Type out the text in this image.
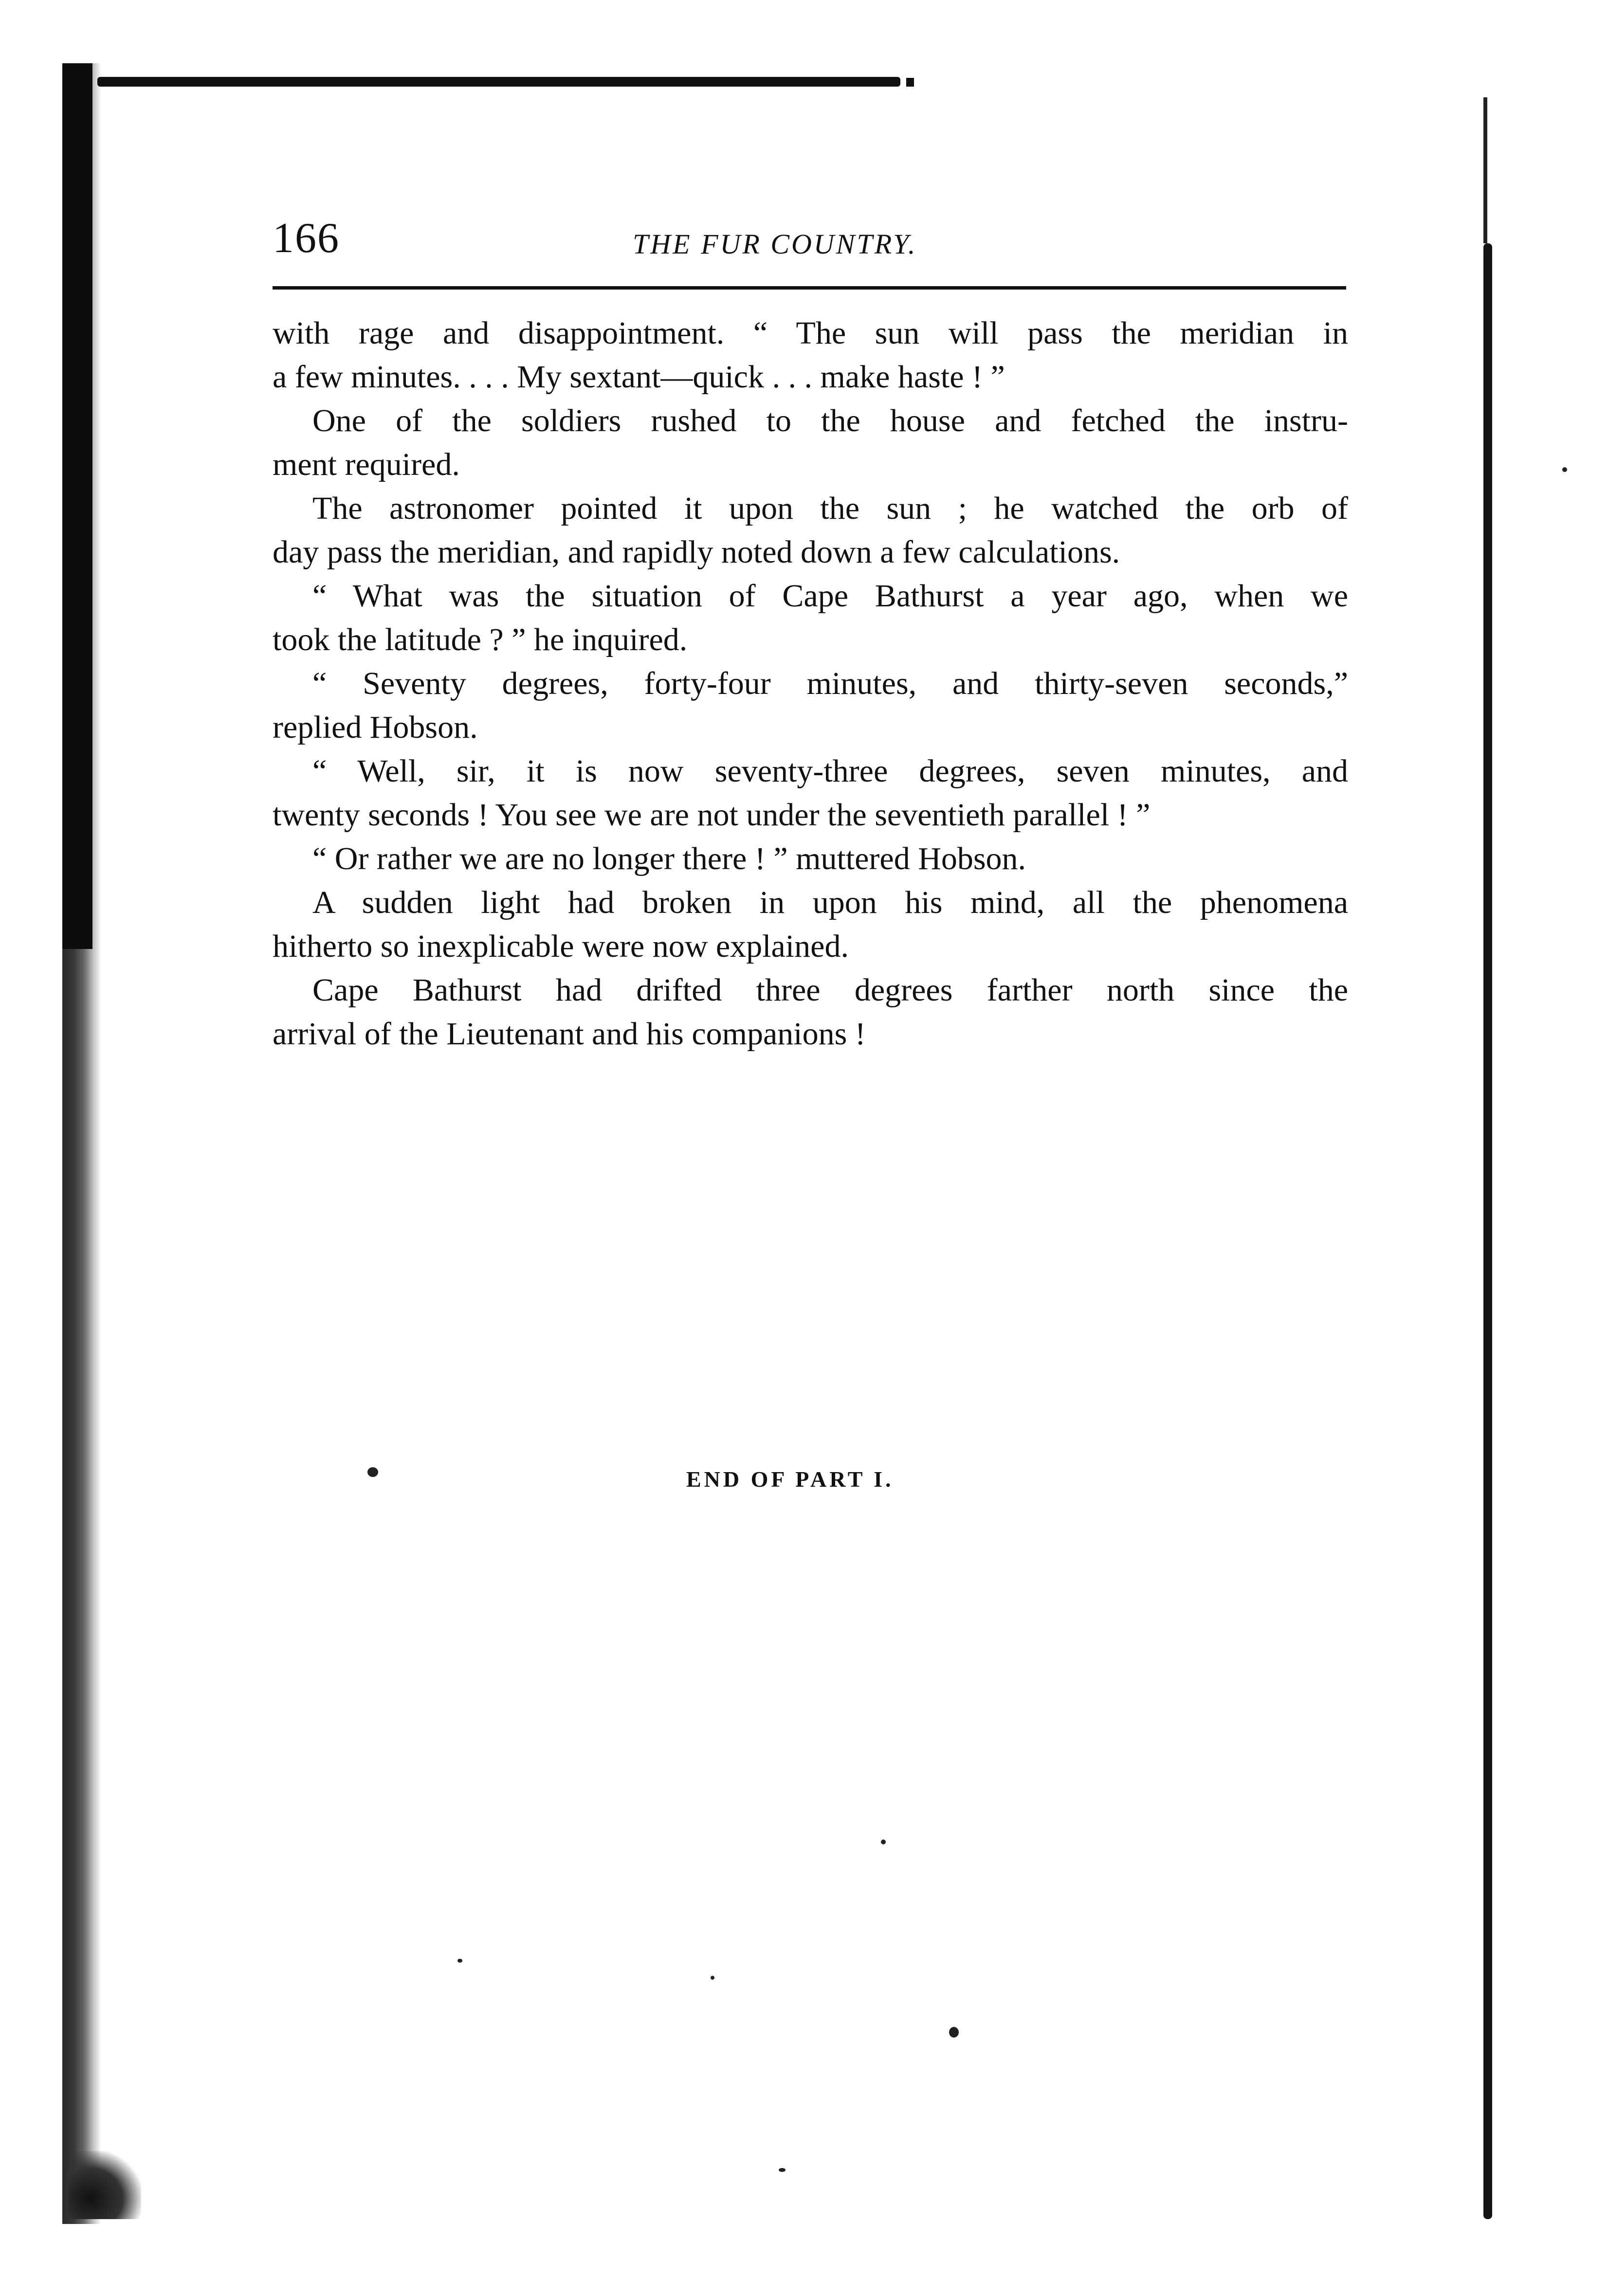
166	THE FUR COUNTRY.
with rage and disappointment. “ The sun will pass the meridian in
a few minutes. . . . My sextant—quick . . . make haste ! ”
One of the soldiers rushed to the house and fetched the instru-
ment required.
The astronomer pointed it upon the sun ; he watched the orb of
day pass the meridian, and rapidly noted down a few calculations.
“ What was the situation of Cape Bathurst a year ago, when we
took the latitude ? ” he inquired.
“ Seventy degrees, forty-four minutes, and thirty-seven seconds,”
replied Hobson.
“ Well, sir, it is now seventy-three degrees, seven minutes, and
twenty seconds ! You see we are not under the seventieth parallel ! ”
“ Or rather we are no longer there ! ” muttered Hobson.
A sudden light had broken in upon his mind, all the phenomena
hitherto so inexplicable were now explained.
Cape Bathurst had drifted three degrees farther north since the
arrival of the Lieutenant and his companions !
END OF PART I.
